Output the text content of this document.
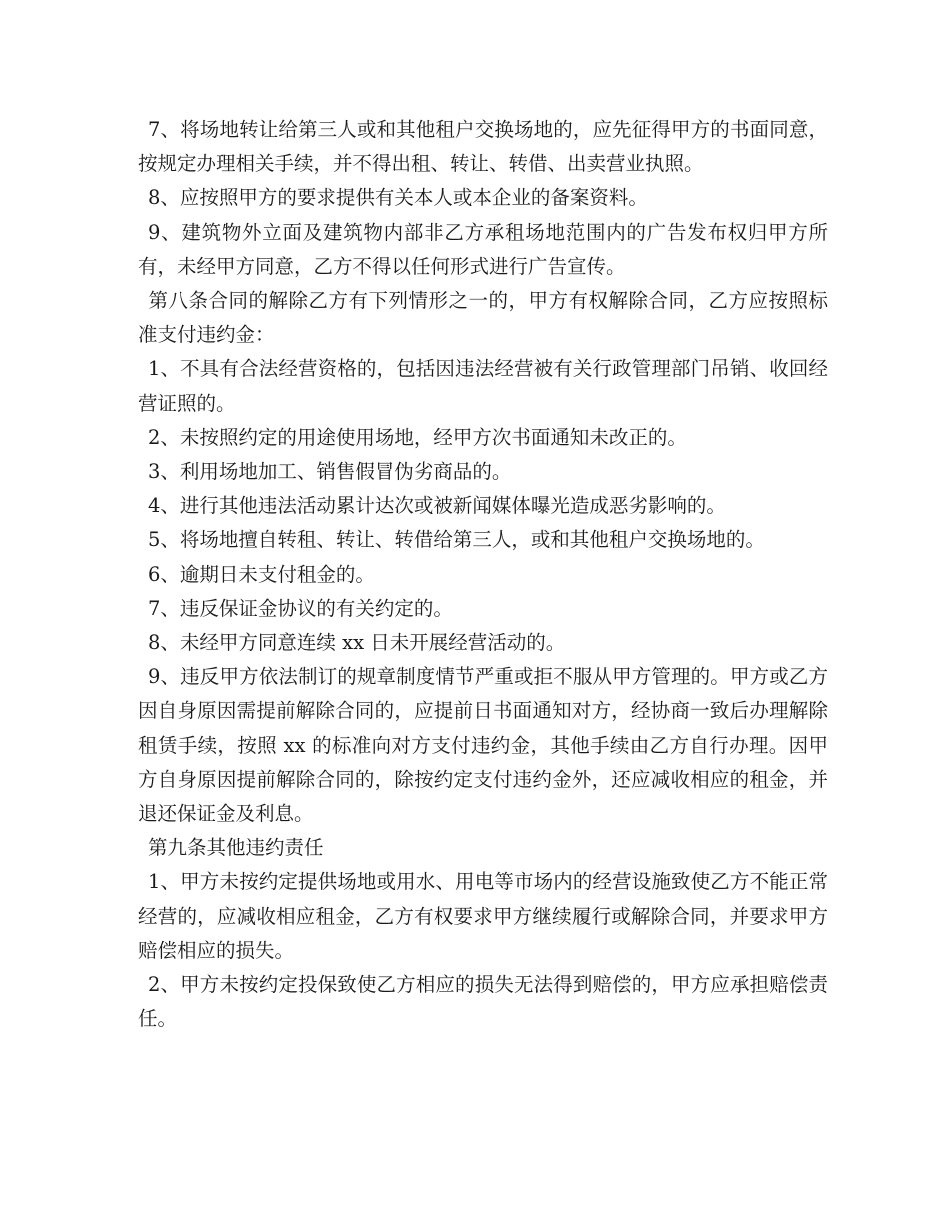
7、将场地转让给第三人或和其他租户交换场地的，应先征得甲方的书面同意，按规定办理相关手续，并不得出租、转让、转借、出卖营业执照。

8、应按照甲方的要求提供有关本人或本企业的备案资料。

9、建筑物外立面及建筑物内部非乙方承租场地范围内的广告发布权归甲方所有，未经甲方同意，乙方不得以任何形式进行广告宣传。

第八条合同的解除乙方有下列情形之一的，甲方有权解除合同，乙方应按照标准支付违约金：

1、不具有合法经营资格的，包括因违法经营被有关行政管理部门吊销、收回经营证照的。

2、未按照约定的用途使用场地，经甲方次书面通知未改正的。

3、利用场地加工、销售假冒伪劣商品的。

4、进行其他违法活动累计达次或被新闻媒体曝光造成恶劣影响的。

5、将场地擅自转租、转让、转借给第三人，或和其他租户交换场地的。

6、逾期日未支付租金的。

7、违反保证金协议的有关约定的。

8、未经甲方同意连续 xx 日未开展经营活动的。

9、违反甲方依法制订的规章制度情节严重或拒不服从甲方管理的。甲方或乙方因自身原因需提前解除合同的，应提前日书面通知对方，经协商一致后办理解除租赁手续，按照 xx 的标准向对方支付违约金，其他手续由乙方自行办理。因甲方自身原因提前解除合同的，除按约定支付违约金外，还应减收相应的租金，并退还保证金及利息。

第九条其他违约责任

1、甲方未按约定提供场地或用水、用电等市场内的经营设施致使乙方不能正常经营的，应减收相应租金，乙方有权要求甲方继续履行或解除合同，并要求甲方赔偿相应的损失。

2、甲方未按约定投保致使乙方相应的损失无法得到赔偿的，甲方应承担赔偿责任。
